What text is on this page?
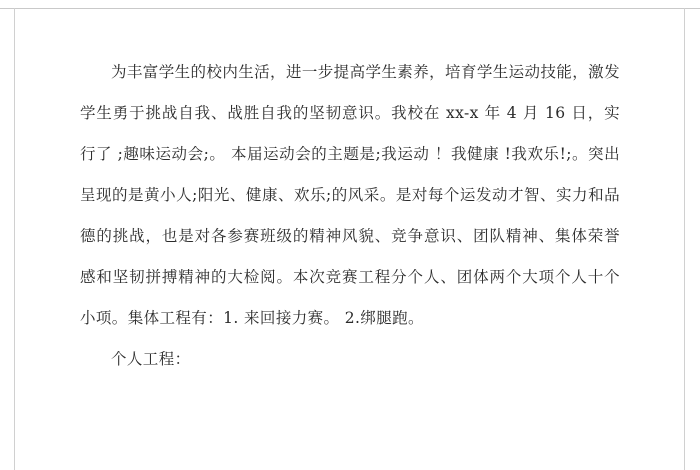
为丰富学生的校内生活，进一步提高学生素养，培育学生运动技能，激发学生勇于挑战自我、战胜自我的坚韧意识。我校在 xx-x 年 4 月 16 日，实行了 ;趣味运动会;。 本届运动会的主题是;我运动 ！我健康 !我欢乐!;。突出呈现的是黄小人;阳光、健康、欢乐;的风采。是对每个运发动才智、实力和品德的挑战，也是对各参赛班级的精神风貌、竞争意识、团队精神、集体荣誉感和坚韧拼搏精神的大检阅。本次竞赛工程分个人、团体两个大项个人十个小项。集体工程有：1. 来回接力赛。 2.绑腿跑。

个人工程：
